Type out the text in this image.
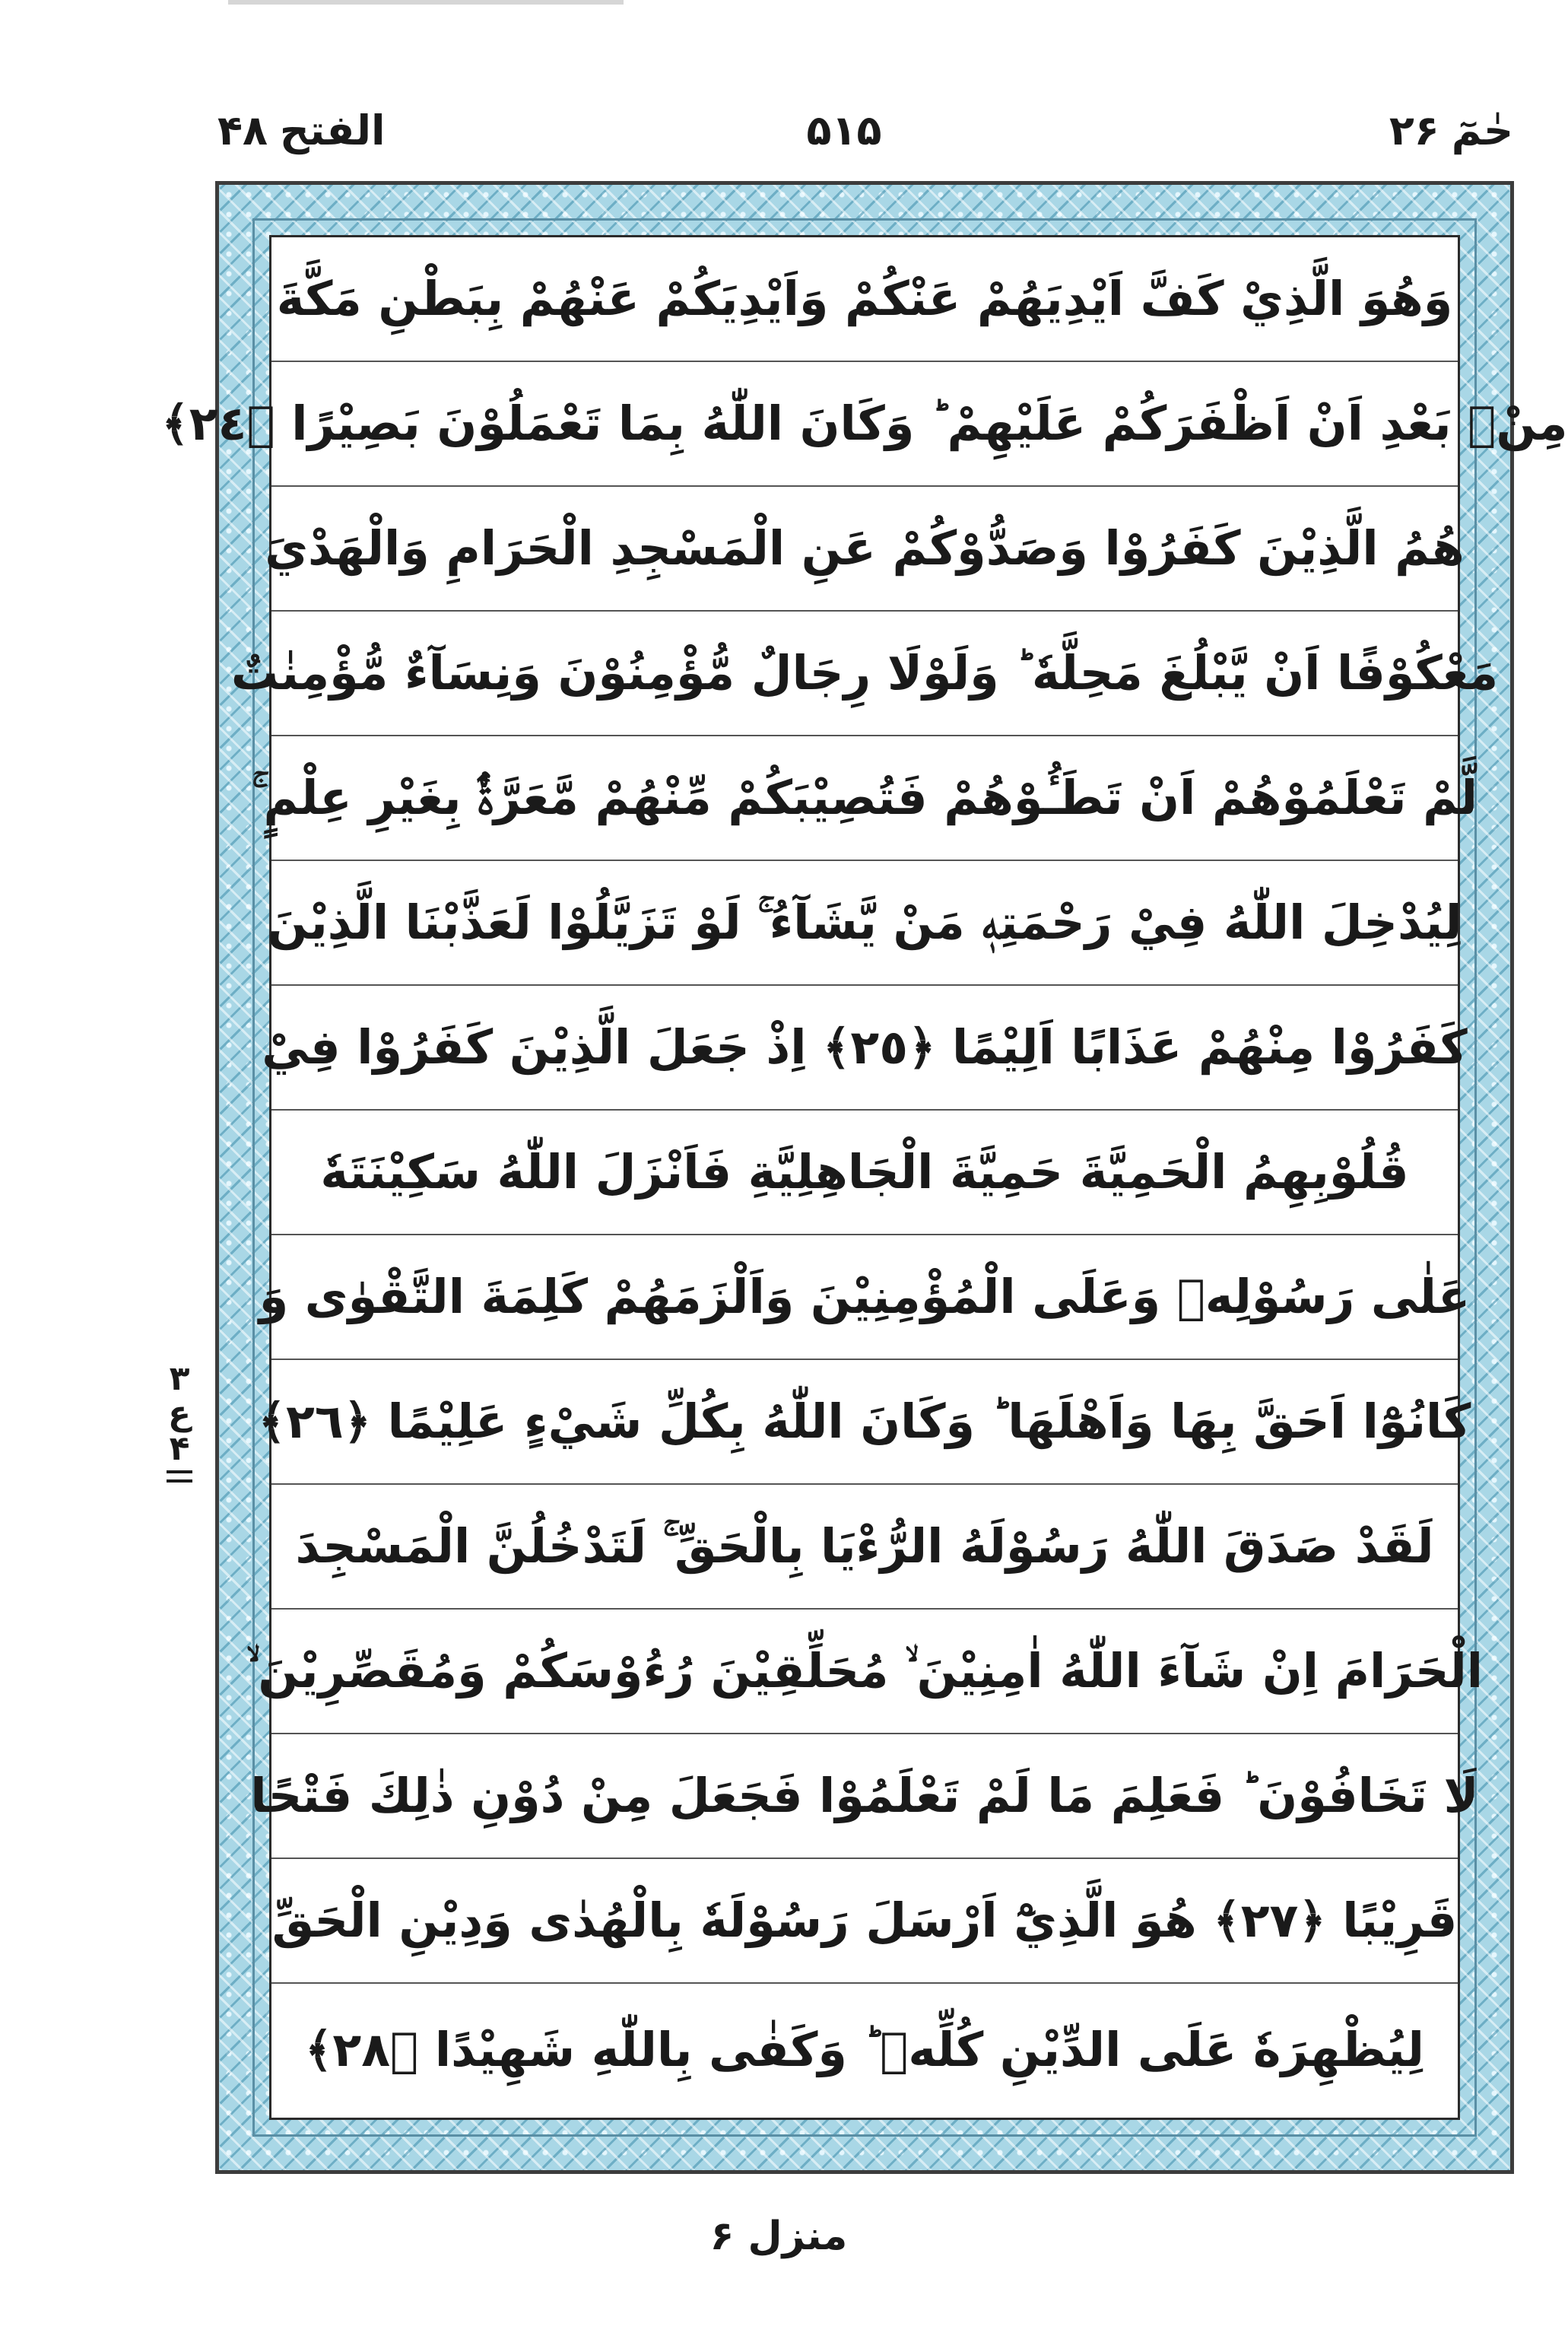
حٰمٓ۲۶
۵۱۵
الفتح۴۸
وَهُوَ الَّذِيْ كَفَّ اَيْدِيَهُمْ عَنْكُمْ وَاَيْدِيَكُمْ عَنْهُمْ بِبَطْنِ مَكَّةَ
مِنْۢ بَعْدِ اَنْ اَظْفَرَكُمْ عَلَيْهِمْ ؕ وَكَانَ اللّٰهُ بِمَا تَعْمَلُوْنَ بَصِيْرًا ﴿٢٤﴾
هُمُ الَّذِيْنَ كَفَرُوْا وَصَدُّوْكُمْ عَنِ الْمَسْجِدِ الْحَرَامِ وَالْهَدْيَ
مَعْكُوْفًا اَنْ يَّبْلُغَ مَحِلَّهٗ ؕ وَلَوْلَا رِجَالٌ مُّؤْمِنُوْنَ وَنِسَآءٌ مُّؤْمِنٰتٌ
لَّمْ تَعْلَمُوْهُمْ اَنْ تَطَـُٔوْهُمْ فَتُصِيْبَكُمْ مِّنْهُمْ مَّعَرَّةٌۢ بِغَيْرِ عِلْمٍ ۚ
لِيُدْخِلَ اللّٰهُ فِيْ رَحْمَتِهٖ مَنْ يَّشَآءُ ۚ لَوْ تَزَيَّلُوْا لَعَذَّبْنَا الَّذِيْنَ
كَفَرُوْا مِنْهُمْ عَذَابًا اَلِيْمًا ﴿٢٥﴾ اِذْ جَعَلَ الَّذِيْنَ كَفَرُوْا فِيْ
قُلُوْبِهِمُ الْحَمِيَّةَ حَمِيَّةَ الْجَاهِلِيَّةِ فَاَنْزَلَ اللّٰهُ سَكِيْنَتَهٗ
عَلٰى رَسُوْلِهٖ وَعَلَى الْمُؤْمِنِيْنَ وَاَلْزَمَهُمْ كَلِمَةَ التَّقْوٰى وَ
كَانُوْٓا اَحَقَّ بِهَا وَاَهْلَهَا ؕ وَكَانَ اللّٰهُ بِكُلِّ شَيْءٍ عَلِيْمًا ﴿٢٦﴾
لَقَدْ صَدَقَ اللّٰهُ رَسُوْلَهُ الرُّءْيَا بِالْحَقِّ ۚ لَتَدْخُلُنَّ الْمَسْجِدَ
الْحَرَامَ اِنْ شَآءَ اللّٰهُ اٰمِنِيْنَ ۙ مُحَلِّقِيْنَ رُءُوْسَكُمْ وَمُقَصِّرِيْنَ ۙ
لَا تَخَافُوْنَ ؕ فَعَلِمَ مَا لَمْ تَعْلَمُوْا فَجَعَلَ مِنْ دُوْنِ ذٰلِكَ فَتْحًا
قَرِيْبًا ﴿٢٧﴾ هُوَ الَّذِيْٓ اَرْسَلَ رَسُوْلَهٗ بِالْهُدٰى وَدِيْنِ الْحَقِّ
لِيُظْهِرَهٗ عَلَى الدِّيْنِ كُلِّهٖ ؕ وَكَفٰى بِاللّٰهِ شَهِيْدًا ﴿٢٨﴾
۳
ع
۴
منزل ۶
